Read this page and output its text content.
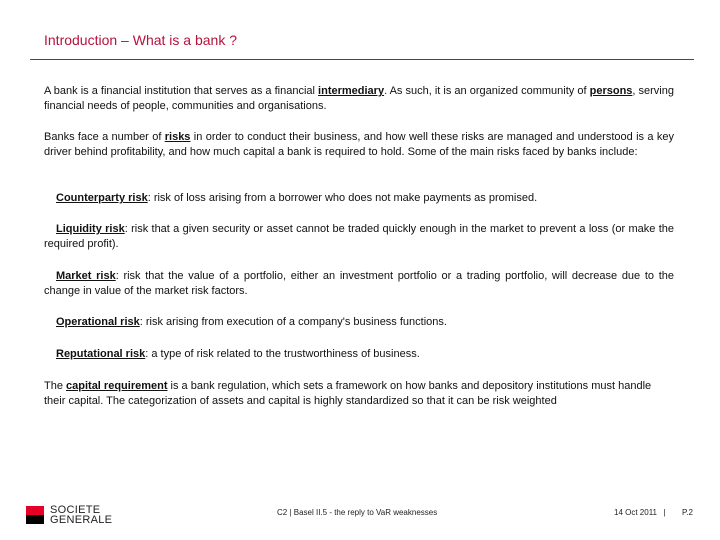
Introduction – What is a bank ?
A bank is a financial institution that serves as a financial intermediary. As such, it is an organized community of persons, serving financial needs of people, communities and organisations.
Banks face a number of risks in order to conduct their business, and how well these risks are managed and understood is a key driver behind profitability, and how much capital a bank is required to hold. Some of the main risks faced by banks include:
Counterparty risk: risk of loss arising from a borrower who does not make payments as promised.
Liquidity risk: risk that a given security or asset cannot be traded quickly enough in the market to prevent a loss (or make the required profit).
Market risk: risk that the value of a portfolio, either an investment portfolio or a trading portfolio, will decrease due to the change in value of the market risk factors.
Operational risk: risk arising from execution of a company's business functions.
Reputational risk: a type of risk related to the trustworthiness of business.
The capital requirement is a bank regulation, which sets a framework on how banks and depository institutions must handle their capital. The categorization of assets and capital is highly standardized so that it can be risk weighted
SOCIETE
GENERALE
C2 | Basel II.5 - the reply to VaR weaknesses	14 Oct 2011   | P.2
